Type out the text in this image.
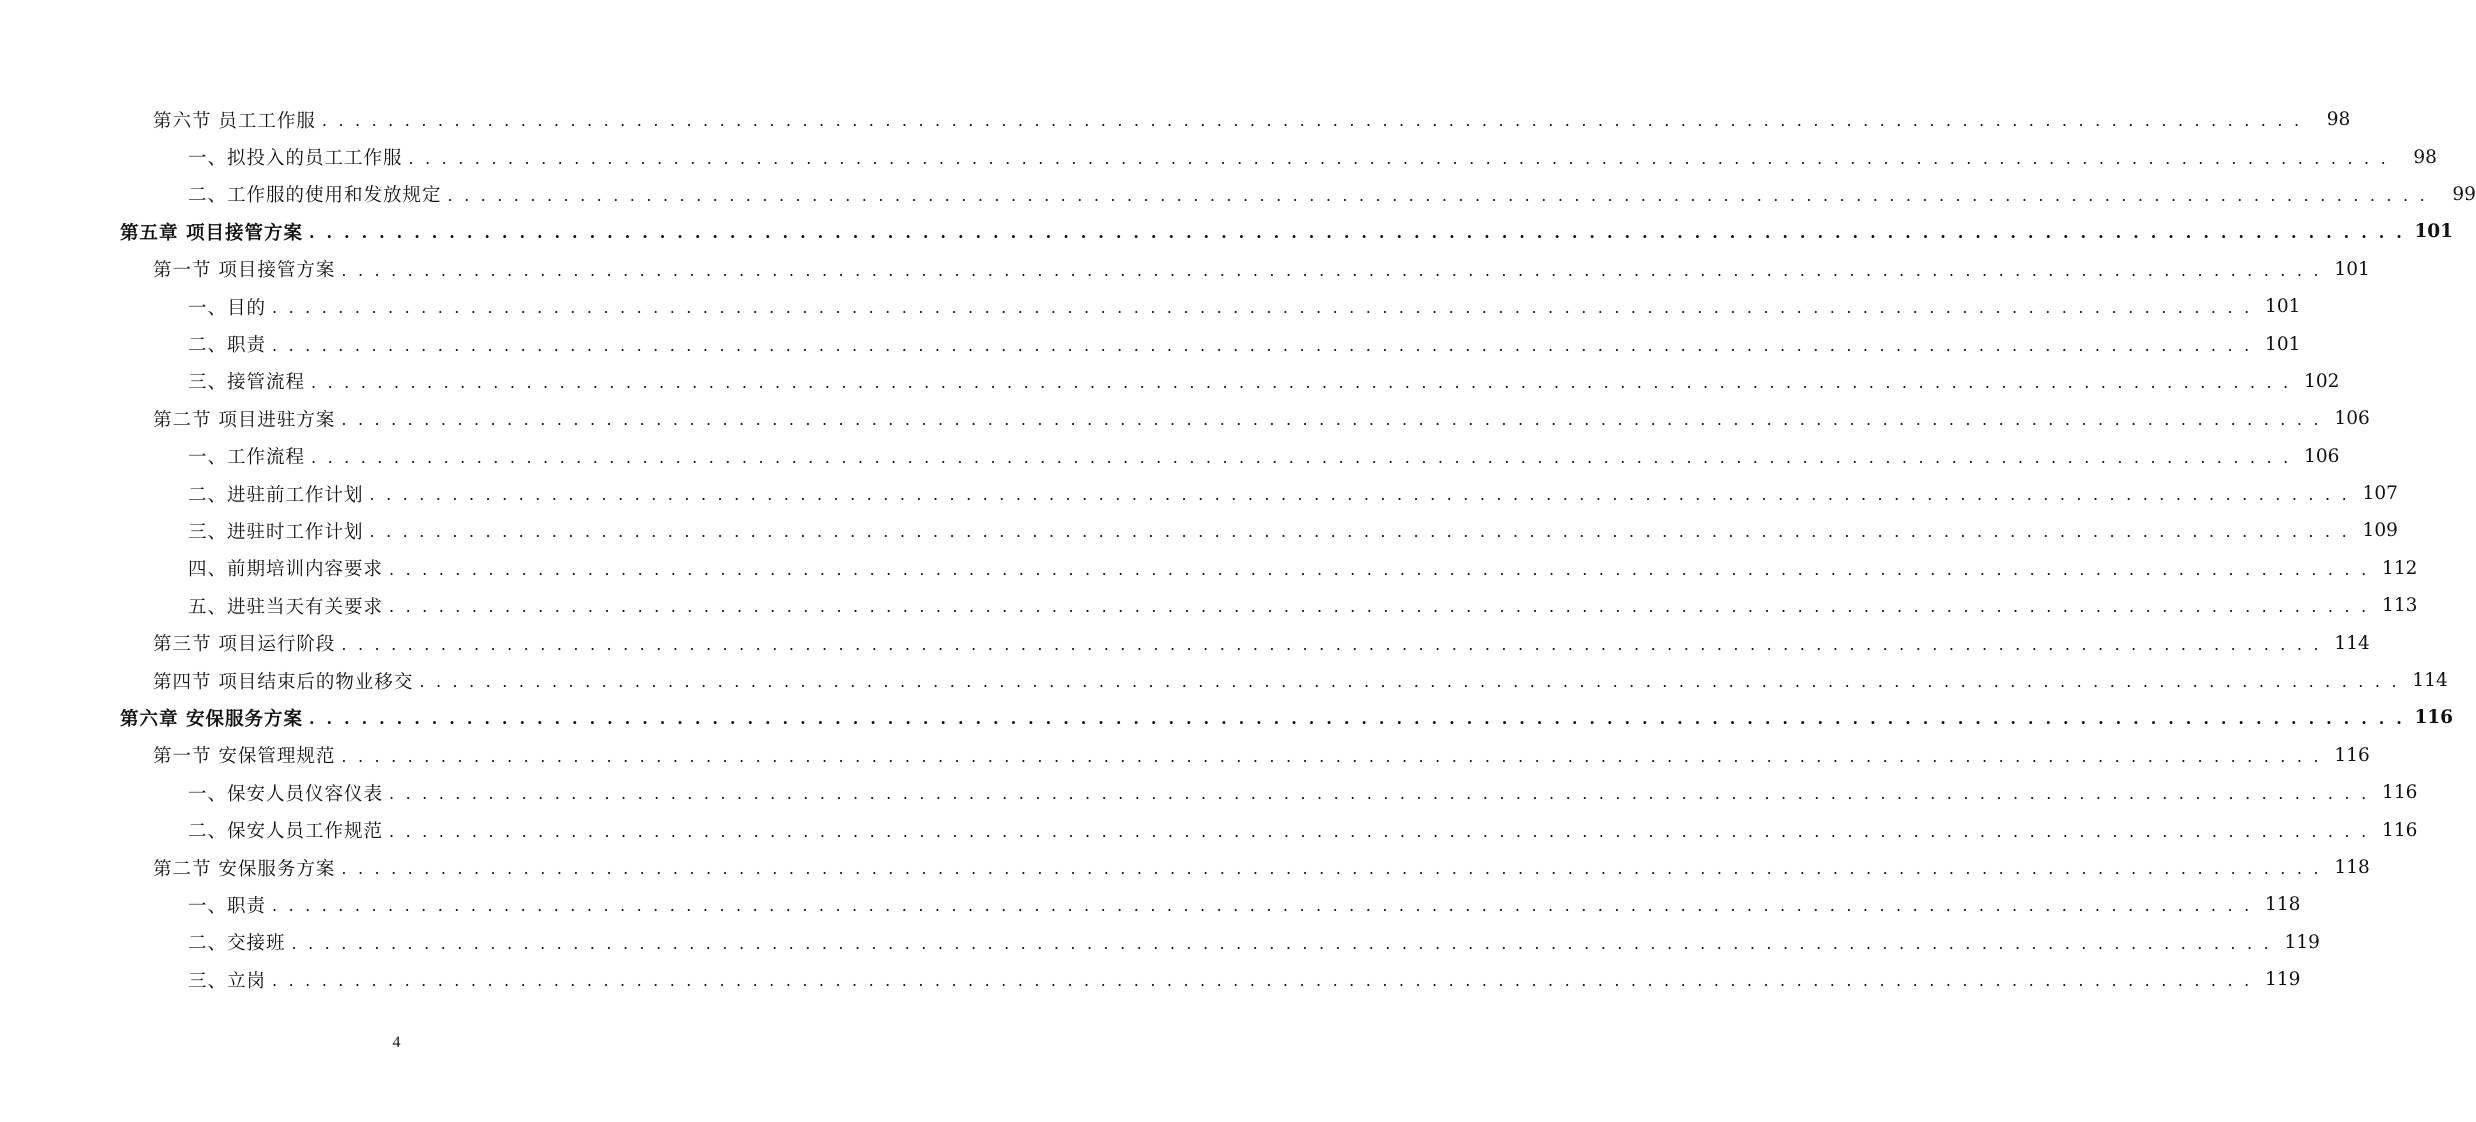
第六节 员工工作服 . . . . . . . . . . . . . . . . . . . . . . . . . . . . . . . . . . . . . . . . . . . . . . . . . . . . . . . . . . . . . . . . . . . . . . . . . . . . . . . . . . . . . . . . . . . . . . . . . . . . . . . . . . . . . . . . . . . . . . . .	98
一、拟投入的员工工作服 . . . . . . . . . . . . . . . . . . . . . . . . . . . . . . . . . . . . . . . . . . . . . . . . . . . . . . . . . . . . . . . . . . . . . . . . . . . . . . . . . . . . . . . . . . . . . . . . . . . . . . . . . . . . . . . . . . . . . . . .	98
二、工作服的使用和发放规定 . . . . . . . . . . . . . . . . . . . . . . . . . . . . . . . . . . . . . . . . . . . . . . . . . . . . . . . . . . . . . . . . . . . . . . . . . . . . . . . . . . . . . . . . . . . . . . . . . . . . . . . . . . . . . . . . . . . . . . . .	99
第五章 项目接管方案 . . . . . . . . . . . . . . . . . . . . . . . . . . . . . . . . . . . . . . . . . . . . . . . . . . . . . . . . . . . . . . . . . . . . . . . . . . . . . . . . . . . . . . . . . . . . . . . . . . . . . . . . . . . . . . . . . . . . . . . . 101
第一节 项目接管方案 . . . . . . . . . . . . . . . . . . . . . . . . . . . . . . . . . . . . . . . . . . . . . . . . . . . . . . . . . . . . . . . . . . . . . . . . . . . . . . . . . . . . . . . . . . . . . . . . . . . . . . . . . . . . . . . . . . . . . . . . 101
一、目的 . . . . . . . . . . . . . . . . . . . . . . . . . . . . . . . . . . . . . . . . . . . . . . . . . . . . . . . . . . . . . . . . . . . . . . . . . . . . . . . . . . . . . . . . . . . . . . . . . . . . . . . . . . . . . . . . . . . . . . . . 101
二、职责 . . . . . . . . . . . . . . . . . . . . . . . . . . . . . . . . . . . . . . . . . . . . . . . . . . . . . . . . . . . . . . . . . . . . . . . . . . . . . . . . . . . . . . . . . . . . . . . . . . . . . . . . . . . . . . . . . . . . . . . . 101
三、接管流程 . . . . . . . . . . . . . . . . . . . . . . . . . . . . . . . . . . . . . . . . . . . . . . . . . . . . . . . . . . . . . . . . . . . . . . . . . . . . . . . . . . . . . . . . . . . . . . . . . . . . . . . . . . . . . . . . . . . . . . . . 102
第二节 项目进驻方案 . . . . . . . . . . . . . . . . . . . . . . . . . . . . . . . . . . . . . . . . . . . . . . . . . . . . . . . . . . . . . . . . . . . . . . . . . . . . . . . . . . . . . . . . . . . . . . . . . . . . . . . . . . . . . . . . . . . . . . . . 106
一、工作流程 . . . . . . . . . . . . . . . . . . . . . . . . . . . . . . . . . . . . . . . . . . . . . . . . . . . . . . . . . . . . . . . . . . . . . . . . . . . . . . . . . . . . . . . . . . . . . . . . . . . . . . . . . . . . . . . . . . . . . . . . 106
二、进驻前工作计划 . . . . . . . . . . . . . . . . . . . . . . . . . . . . . . . . . . . . . . . . . . . . . . . . . . . . . . . . . . . . . . . . . . . . . . . . . . . . . . . . . . . . . . . . . . . . . . . . . . . . . . . . . . . . . . . . . . . . . . . . 107
三、进驻时工作计划 . . . . . . . . . . . . . . . . . . . . . . . . . . . . . . . . . . . . . . . . . . . . . . . . . . . . . . . . . . . . . . . . . . . . . . . . . . . . . . . . . . . . . . . . . . . . . . . . . . . . . . . . . . . . . . . . . . . . . . . . 109
四、前期培训内容要求 . . . . . . . . . . . . . . . . . . . . . . . . . . . . . . . . . . . . . . . . . . . . . . . . . . . . . . . . . . . . . . . . . . . . . . . . . . . . . . . . . . . . . . . . . . . . . . . . . . . . . . . . . . . . . . . . . . . . . . . . 112
五、进驻当天有关要求 . . . . . . . . . . . . . . . . . . . . . . . . . . . . . . . . . . . . . . . . . . . . . . . . . . . . . . . . . . . . . . . . . . . . . . . . . . . . . . . . . . . . . . . . . . . . . . . . . . . . . . . . . . . . . . . . . . . . . . . . 113
第三节 项目运行阶段 . . . . . . . . . . . . . . . . . . . . . . . . . . . . . . . . . . . . . . . . . . . . . . . . . . . . . . . . . . . . . . . . . . . . . . . . . . . . . . . . . . . . . . . . . . . . . . . . . . . . . . . . . . . . . . . . . . . . . . . . 114
第四节 项目结束后的物业移交 . . . . . . . . . . . . . . . . . . . . . . . . . . . . . . . . . . . . . . . . . . . . . . . . . . . . . . . . . . . . . . . . . . . . . . . . . . . . . . . . . . . . . . . . . . . . . . . . . . . . . . . . . . . . . . . . . . . . . . . . 114
第六章 安保服务方案 . . . . . . . . . . . . . . . . . . . . . . . . . . . . . . . . . . . . . . . . . . . . . . . . . . . . . . . . . . . . . . . . . . . . . . . . . . . . . . . . . . . . . . . . . . . . . . . . . . . . . . . . . . . . . . . . . . . . . . . . 116
第一节 安保管理规范 . . . . . . . . . . . . . . . . . . . . . . . . . . . . . . . . . . . . . . . . . . . . . . . . . . . . . . . . . . . . . . . . . . . . . . . . . . . . . . . . . . . . . . . . . . . . . . . . . . . . . . . . . . . . . . . . . . . . . . . . 116
一、保安人员仪容仪表 . . . . . . . . . . . . . . . . . . . . . . . . . . . . . . . . . . . . . . . . . . . . . . . . . . . . . . . . . . . . . . . . . . . . . . . . . . . . . . . . . . . . . . . . . . . . . . . . . . . . . . . . . . . . . . . . . . . . . . . . 116
二、保安人员工作规范 . . . . . . . . . . . . . . . . . . . . . . . . . . . . . . . . . . . . . . . . . . . . . . . . . . . . . . . . . . . . . . . . . . . . . . . . . . . . . . . . . . . . . . . . . . . . . . . . . . . . . . . . . . . . . . . . . . . . . . . . 116
第二节 安保服务方案 . . . . . . . . . . . . . . . . . . . . . . . . . . . . . . . . . . . . . . . . . . . . . . . . . . . . . . . . . . . . . . . . . . . . . . . . . . . . . . . . . . . . . . . . . . . . . . . . . . . . . . . . . . . . . . . . . . . . . . . . 118
一、职责 . . . . . . . . . . . . . . . . . . . . . . . . . . . . . . . . . . . . . . . . . . . . . . . . . . . . . . . . . . . . . . . . . . . . . . . . . . . . . . . . . . . . . . . . . . . . . . . . . . . . . . . . . . . . . . . . . . . . . . . . 118
二、交接班 . . . . . . . . . . . . . . . . . . . . . . . . . . . . . . . . . . . . . . . . . . . . . . . . . . . . . . . . . . . . . . . . . . . . . . . . . . . . . . . . . . . . . . . . . . . . . . . . . . . . . . . . . . . . . . . . . . . . . . . . 119
三、立岗 . . . . . . . . . . . . . . . . . . . . . . . . . . . . . . . . . . . . . . . . . . . . . . . . . . . . . . . . . . . . . . . . . . . . . . . . . . . . . . . . . . . . . . . . . . . . . . . . . . . . . . . . . . . . . . . . . . . . . . . . 119
4
